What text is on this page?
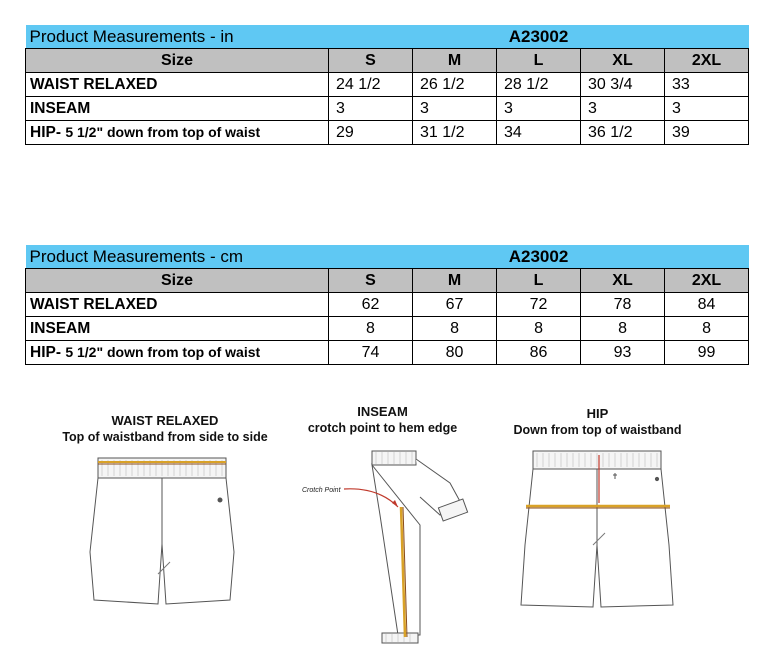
Product Measurements - in			A23002		
Size	S	M	L	XL	2XL
WAIST RELAXED	24 1/2	26 1/2	28 1/2	30 3/4	33
INSEAM	3	3	3	3	3
HIP- 5 1/2" down from top of waist	29	31 1/2	34	36 1/2	39
Product Measurements - cm			A23002		
Size	S	M	L	XL	2XL
WAIST RELAXED	62	67	72	78	84
INSEAM	8	8	8	8	8
HIP- 5 1/2" down from top of waist	74	80	86	93	99
WAIST RELAXED
Top of waistband from side to side
INSEAM
crotch point to hem edge
HIP
Down from top of waistband
Crotch Point
